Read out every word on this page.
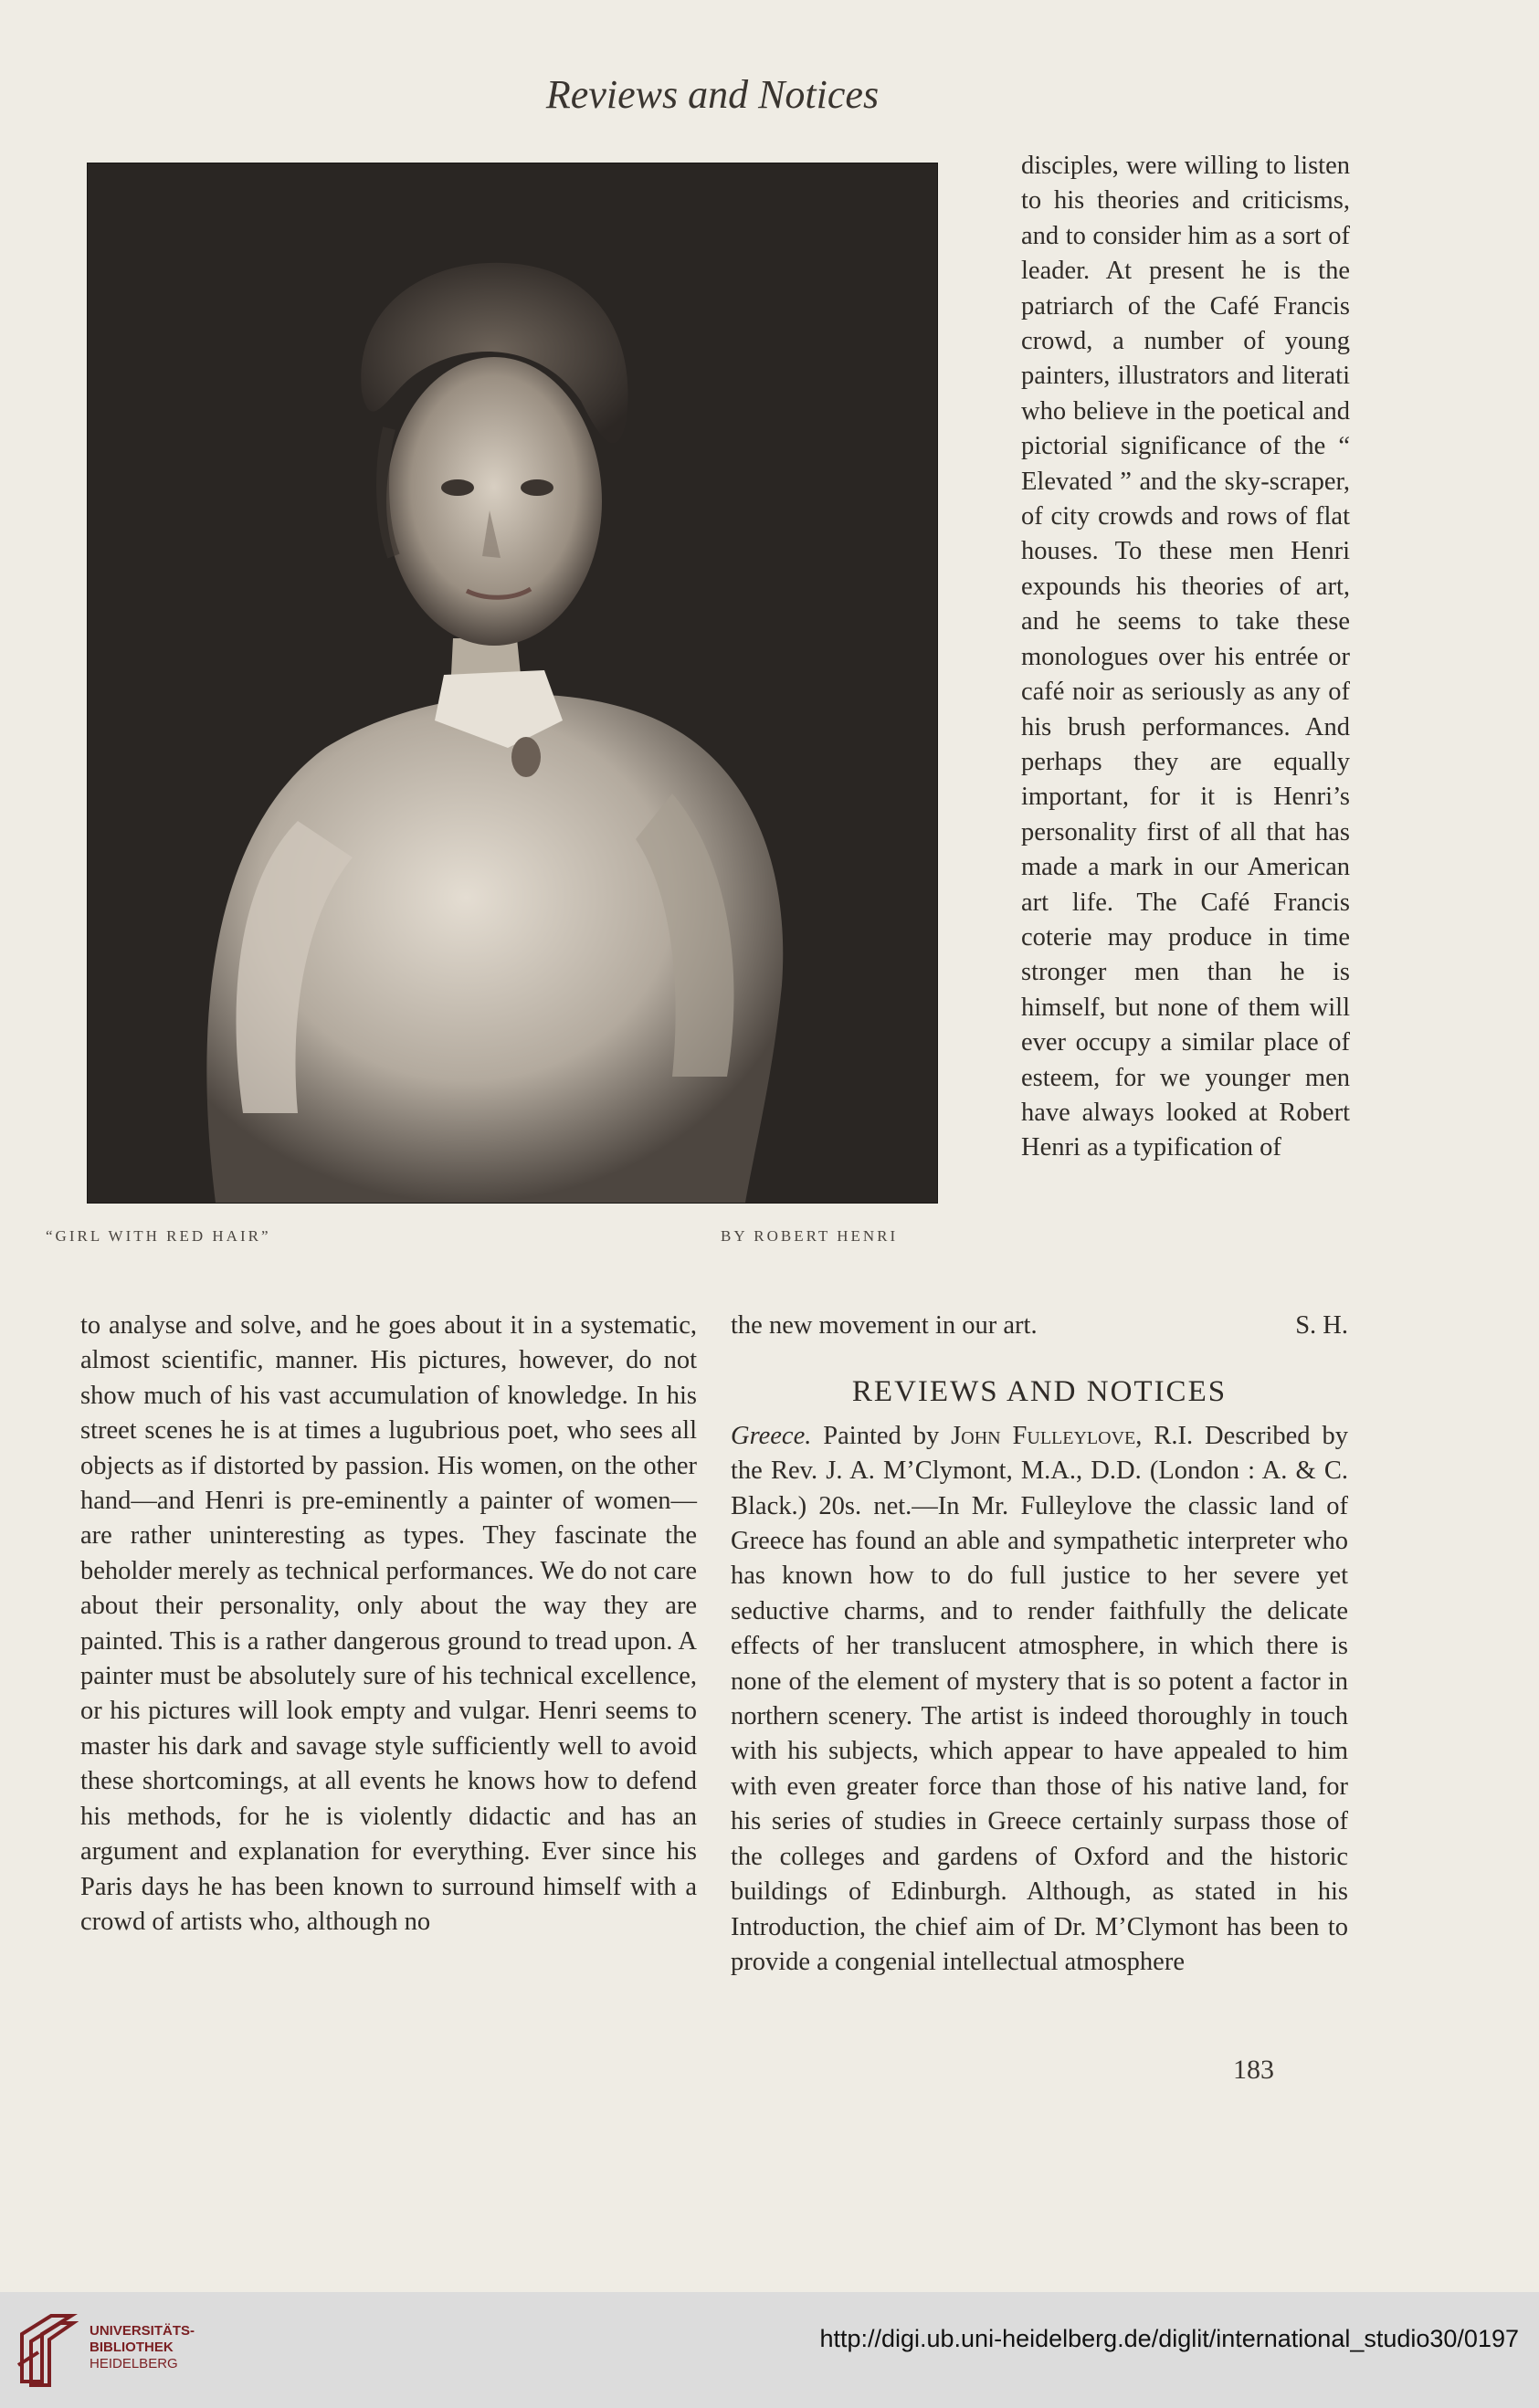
Reviews and Notices
“GIRL WITH RED HAIR”	BY ROBERT HENRI

disciples, were willing to listen to his theories and criticisms, and to consider him as a sort of leader. At present he is the patriarch of the Café Francis crowd, a number of young painters, illustrators and literati who believe in the poetical and pictorial significance of the “ Elevated ” and the sky-scraper, of city crowds and rows of flat houses. To these men Henri expounds his theories of art, and he seems to take these monologues over his entrée or café noir as seriously as any of his brush performances. And perhaps they are equally important, for it is Henri’s personality first of all that has made a mark in our American art life. The Café Francis coterie may produce in time stronger men than he is himself, but none of them will ever occupy a similar place of esteem, for we younger men have always looked at Robert Henri as a typification of

to analyse and solve, and he goes about it in a systematic, almost scientific, manner. His pictures, however, do not show much of his vast accumulation of knowledge. In his street scenes he is at times a lugubrious poet, who sees all objects as if distorted by passion. His women, on the other hand—and Henri is pre-eminently a painter of women—are rather uninteresting as types. They fascinate the beholder merely as technical performances. We do not care about their personality, only about the way they are painted. This is a rather dangerous ground to tread upon. A painter must be absolutely sure of his technical excellence, or his pictures will look empty and vulgar. Henri seems to master his dark and savage style sufficiently well to avoid these shortcomings, at all events he knows how to defend his methods, for he is violently didactic and has an argument and explanation for everything. Ever since his Paris days he has been known to surround himself with a crowd of artists who, although no

the new movement in our art.	S. H.
REVIEWS AND NOTICES

Greece. Painted by John Fulleylove, R.I. Described by the Rev. J. A. M’Clymont, M.A., D.D. (London : A. & C. Black.) 20s. net.—In Mr. Fulleylove the classic land of Greece has found an able and sympathetic interpreter who has known how to do full justice to her severe yet seductive charms, and to render faithfully the delicate effects of her translucent atmosphere, in which there is none of the element of mystery that is so potent a factor in northern scenery. The artist is indeed thoroughly in touch with his subjects, which appear to have appealed to him with even greater force than those of his native land, for his series of studies in Greece certainly surpass those of the colleges and gardens of Oxford and the historic buildings of Edinburgh. Although, as stated in his Introduction, the chief aim of Dr. M’Clymont has been to provide a congenial intellectual atmosphere

183
UNIVERSITÄTS-
BIBLIOTHEK
HEIDELBERG
http://digi.ub.uni-heidelberg.de/diglit/international_studio30/0197
